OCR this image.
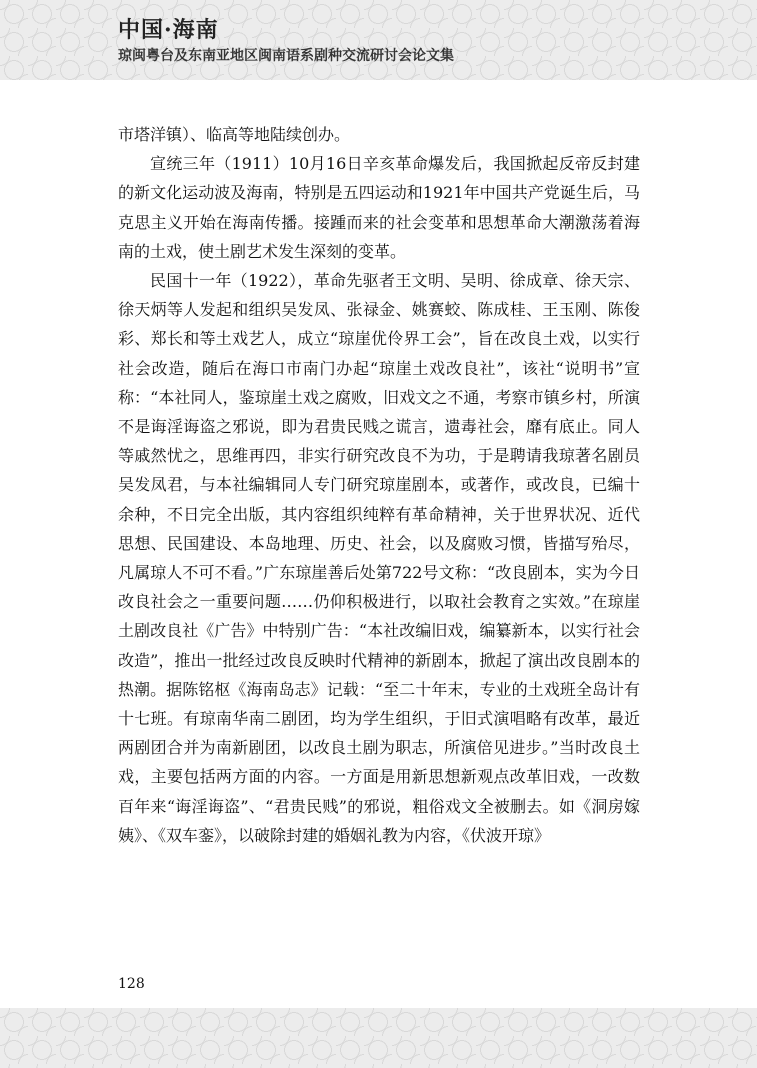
中国·海南
琼闽粤台及东南亚地区闽南语系剧种交流研讨会论文集

市塔洋镇）、临高等地陆续创办。

宣统三年（1911）10月16日辛亥革命爆发后，我国掀起反帝反封建的新文化运动波及海南，特别是五四运动和1921年中国共产党诞生后，马克思主义开始在海南传播。接踵而来的社会变革和思想革命大潮激荡着海南的土戏，使土剧艺术发生深刻的变革。

民国十一年（1922），革命先驱者王文明、吴明、徐成章、徐天宗、徐天炳等人发起和组织吴发凤、张禄金、姚赛蛟、陈成桂、王玉刚、陈俊彩、郑长和等土戏艺人，成立“琼崖优伶界工会”，旨在改良土戏，以实行社会改造，随后在海口市南门办起“琼崖土戏改良社”，该社“说明书”宣称：“本社同人，鉴琼崖土戏之腐败，旧戏文之不通，考察市镇乡村，所演不是诲淫诲盗之邪说，即为君贵民贱之谎言，遗毒社会，靡有底止。同人等戚然忧之，思维再四，非实行研究改良不为功，于是聘请我琼著名剧员吴发凤君，与本社编辑同人专门研究琼崖剧本，或著作，或改良，已编十余种，不日完全出版，其内容组织纯粹有革命精神，关于世界状况、近代思想、民国建设、本岛地理、历史、社会，以及腐败习惯，皆描写殆尽，凡属琼人不可不看。”广东琼崖善后处第722号文称：“改良剧本，实为今日改良社会之一重要问题……仍仰积极进行，以取社会教育之实效。”在琼崖土剧改良社《广告》中特别广告：“本社改编旧戏，编纂新本，以实行社会改造”，推出一批经过改良反映时代精神的新剧本，掀起了演出改良剧本的热潮。据陈铭枢《海南岛志》记载：“至二十年末，专业的土戏班全岛计有十七班。有琼南华南二剧团，均为学生组织，于旧式演唱略有改革，最近两剧团合并为南新剧团，以改良土剧为职志，所演倍见进步。”当时改良土戏，主要包括两方面的内容。一方面是用新思想新观点改革旧戏，一改数百年来“诲淫诲盗”、“君贵民贱”的邪说，粗俗戏文全被删去。如《洞房嫁姨》、《双车銮》，以破除封建的婚姻礼教为内容，《伏波开琼》

128
